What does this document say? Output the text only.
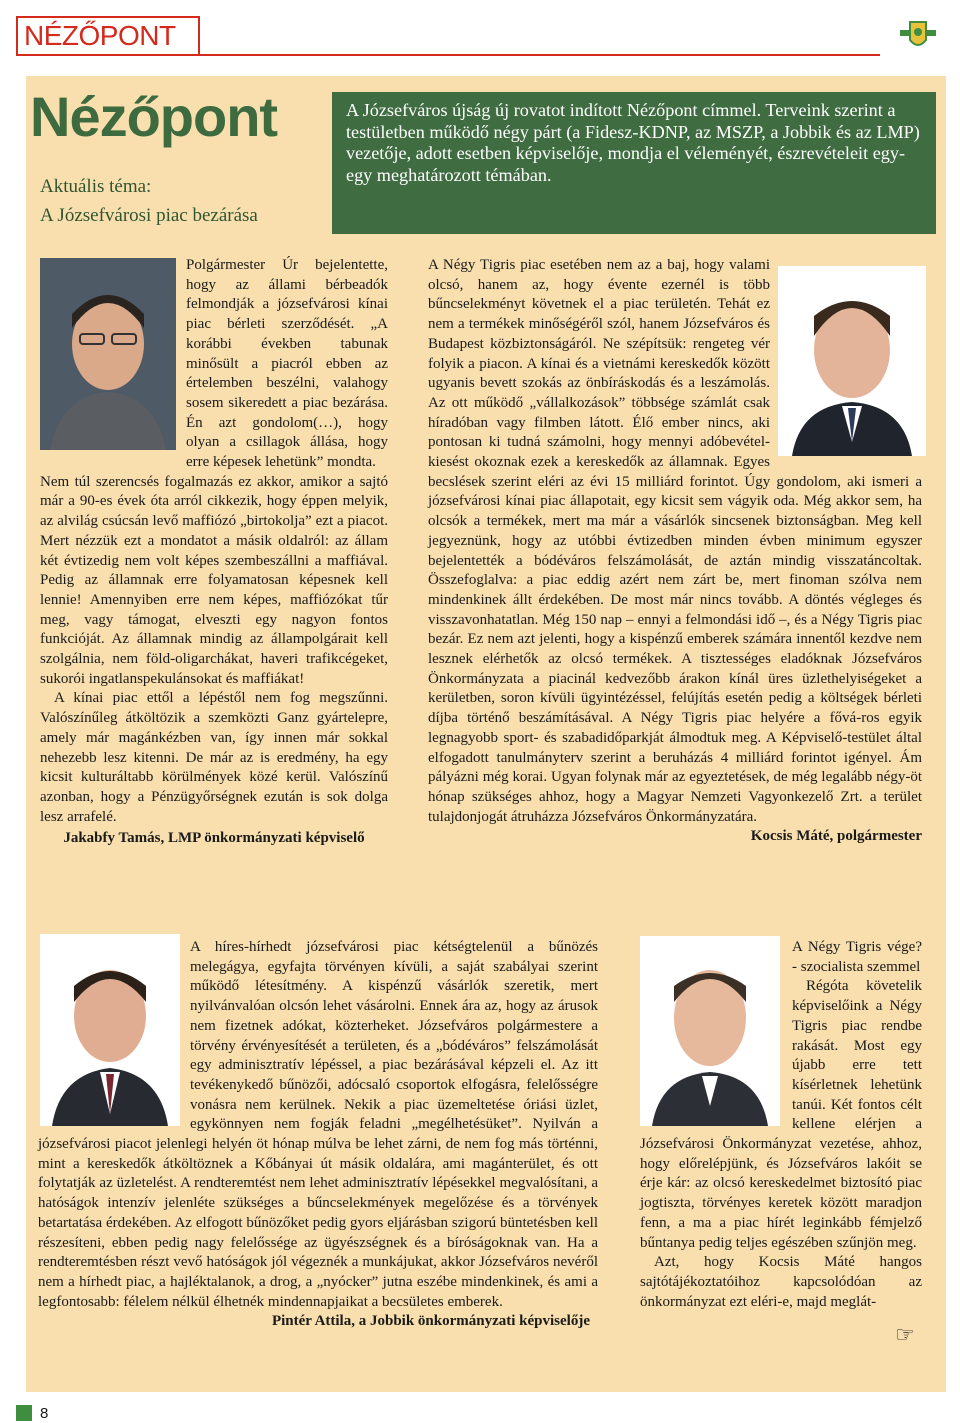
NÉZŐPONT
Nézőpont
Aktuális téma:
A Józsefvárosi piac bezárása
A Józsefváros újság új rovatot indított Nézőpont címmel. Terveink szerint a testületben működő négy párt (a Fidesz-KDNP, az MSZP, a Jobbik és az LMP) vezetője, adott esetben képviselője, mondja el véleményét, észrevételeit egy-egy meghatározott témában.

Polgármester Úr bejelentette, hogy az állami bérbeadók felmondják a józsefvárosi kínai piac bérleti szerződését. „A korábbi években tabunak minősült a piacról ebben az értelemben beszélni, valahogy sosem sikeredett a piac bezárása. Én azt gondolom(…), hogy olyan a csillagok állása, hogy erre képesek lehetünk” mondta.

Nem túl szerencsés fogalmazás ez akkor, amikor a sajtó már a 90-es évek óta arról cikkezik, hogy éppen melyik, az alvilág csúcsán levő maffiózó „birtokolja” ezt a piacot. Mert nézzük ezt a mondatot a másik oldalról: az állam két évtizedig nem volt képes szembeszállni a maffiával. Pedig az államnak erre folyamatosan képesnek kell lennie! Amennyiben erre nem képes, maffiózókat tűr meg, vagy támogat, elveszti egy nagyon fontos funkcióját. Az államnak mindig az állampolgárait kell szolgálnia, nem föld-oligarchákat, haveri trafikcégeket, sukorói ingatlanspekulánsokat és maffiákat!

A kínai piac ettől a lépéstől nem fog megszűnni. Valószínűleg átköltözik a szemközti Ganz gyártelepre, amely már magánkézben van, így innen már sokkal nehezebb lesz kitenni. De már az is eredmény, ha egy kicsit kulturáltabb körülmények közé kerül. Valószínű azonban, hogy a Pénzügyőrségnek ezután is sok dolga lesz arrafelé.

Jakabfy Tamás, LMP önkormányzati képviselő

A Négy Tigris piac esetében nem az a baj, hogy valami olcsó, hanem az, hogy évente ezernél is több bűncselekményt követnek el a piac területén. Tehát ez nem a termékek minőségéről szól, hanem Józsefváros és Budapest közbiztonságáról. Ne szépítsük: rengeteg vér folyik a piacon. A kínai és a vietnámi kereskedők között ugyanis bevett szokás az önbíráskodás és a leszámolás. Az ott működő „vállalkozások” többsége számlát csak híradóban vagy filmben látott. Élő ember nincs, aki pontosan ki tudná számolni, hogy mennyi adóbevétel-kiesést okoznak ezek a kereskedők az államnak. Egyes becslések szerint eléri az évi 15 milliárd forintot. Úgy gondolom, aki ismeri a józsefvárosi kínai piac állapotait, egy kicsit sem vágyik oda. Még akkor sem, ha olcsók a termékek, mert ma már a vásárlók sincsenek biztonságban. Meg kell jegyeznünk, hogy az utóbbi évtizedben minden évben minimum egyszer bejelentették a bódéváros felszámolását, de aztán mindig visszatáncoltak. Összefoglalva: a piac eddig azért nem zárt be, mert finoman szólva nem mindenkinek állt érdekében. De most már nincs tovább. A döntés végleges és visszavonhatatlan. Még 150 nap – ennyi a felmondási idő –, és a Négy Tigris piac bezár. Ez nem azt jelenti, hogy a kispénzű emberek számára innentől kezdve nem lesznek elérhetők az olcsó termékek. A tisztességes eladóknak Józsefváros Önkormányzata a piacinál kedvezőbb árakon kínál üres üzlethelyiségeket a kerületben, soron kívüli ügyintézéssel, felújítás esetén pedig a költségek bérleti díjba történő beszámításával. A Négy Tigris piac helyére a fővá-ros egyik legnagyobb sport- és szabadidőparkját álmodtuk meg. A Képviselő-testület által elfogadott tanulmányterv szerint a beruházás 4 milliárd forintot igényel. Ám pályázni még korai. Ugyan folynak már az egyeztetések, de még legalább négy-öt hónap szükséges ahhoz, hogy a Magyar Nemzeti Vagyonkezelő Zrt. a terület tulajdonjogát átruházza Józsefváros Önkormányzatára.

Kocsis Máté, polgármester

A híres-hírhedt józsefvárosi piac kétségtelenül a bűnözés melegágya, egyfajta törvényen kívüli, a saját szabályai szerint működő létesítmény. A kispénzű vásárlók szeretik, mert nyilvánvalóan olcsón lehet vásárolni. Ennek ára az, hogy az árusok nem fizetnek adókat, közterheket. Józsefváros polgármestere a törvény érvényesítését a területen, és a „bódéváros” felszámolását egy adminisztratív lépéssel, a piac bezárásával képzeli el. Az itt tevékenykedő bűnözői, adócsaló csoportok elfogásra, felelősségre vonásra nem kerülnek. Nekik a piac üzemeltetése óriási üzlet, egykönnyen nem fogják feladni „megélhetésüket”. Nyilván a józsefvárosi piacot jelenlegi helyén öt hónap múlva be lehet zárni, de nem fog más történni, mint a kereskedők átköltöznek a Kőbányai út másik oldalára, ami magánterület, és ott folytatják az üzletelést. A rendteremtést nem lehet adminisztratív lépésekkel megvalósítani, a hatóságok intenzív jelenléte szükséges a bűncselekmények megelőzése és a törvények betartatása érdekében. Az elfogott bűnözőket pedig gyors eljárásban szigorú büntetésben kell részesíteni, ebben pedig nagy felelőssége az ügyészségnek és a bíróságoknak van. Ha a rendteremtésben részt vevő hatóságok jól végeznék a munkájukat, akkor Józsefváros nevéről nem a hírhedt piac, a hajléktalanok, a drog, a „nyócker” jutna eszébe mindenkinek, és ami a legfontosabb: félelem nélkül élhetnék mindennapjaikat a becsületes emberek.

Pintér Attila, a Jobbik önkormányzati képviselője

A Négy Tigris vége? - szocialista szemmel

Régóta követelik képviselőink a Négy Tigris piac rendbe rakását. Most egy újabb erre tett kísérletnek lehetünk tanúi. Két fontos célt kellene elérjen a Józsefvárosi Önkormányzat vezetése, ahhoz, hogy előrelépjünk, és Józsefváros lakóit se érje kár: az olcsó kereskedelmet biztosító piac jogtiszta, törvényes keretek között maradjon fenn, a ma a piac hírét leginkább fémjelző bűntanya pedig teljes egészében szűnjön meg.

Azt, hogy Kocsis Máté hangos sajtótájékoztatóihoz kapcsolódóan az önkormányzat ezt eléri-e, majd meglát-

☞
8
